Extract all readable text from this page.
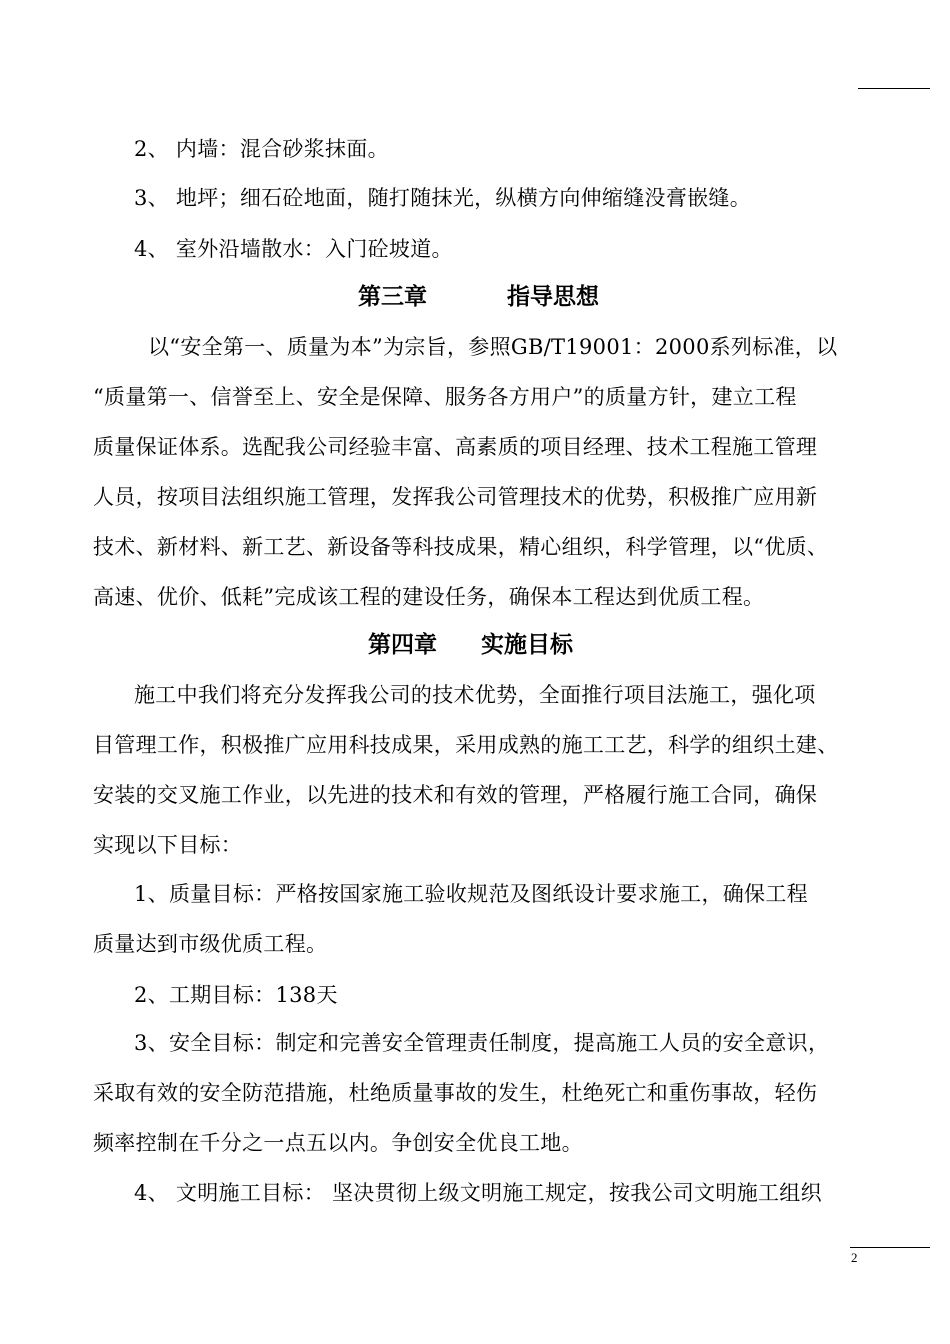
2、 内墙：混合砂浆抹面。
3、 地坪；细石砼地面，随打随抹光，纵横方向伸缩缝没膏嵌缝。
4、 室外沿墙散水：入门砼坡道。
第三章	指导思想
以“安全第一、质量为本”为宗旨，参照GB/T19001：2000系列标准，以
“质量第一、信誉至上、安全是保障、服务各方用户”的质量方针，建立工程
质量保证体系。选配我公司经验丰富、高素质的项目经理、技术工程施工管理
人员，按项目法组织施工管理，发挥我公司管理技术的优势，积极推广应用新
技术、新材料、新工艺、新设备等科技成果，精心组织，科学管理，以“优质、
高速、优价、低耗”完成该工程的建设任务，确保本工程达到优质工程。
第四章 实施目标
施工中我们将充分发挥我公司的技术优势，全面推行项目法施工，强化项
目管理工作，积极推广应用科技成果，采用成熟的施工工艺，科学的组织土建、
安装的交叉施工作业，以先进的技术和有效的管理，严格履行施工合同，确保
实现以下目标：
1、质量目标：严格按国家施工验收规范及图纸设计要求施工，确保工程
质量达到市级优质工程。
2、工期目标：138天
3、安全目标：制定和完善安全管理责任制度，提高施工人员的安全意识，
采取有效的安全防范措施，杜绝质量事故的发生，杜绝死亡和重伤事故，轻伤
频率控制在千分之一点五以内。争创安全优良工地。
4、 文明施工目标： 坚决贯彻上级文明施工规定，按我公司文明施工组织
2
